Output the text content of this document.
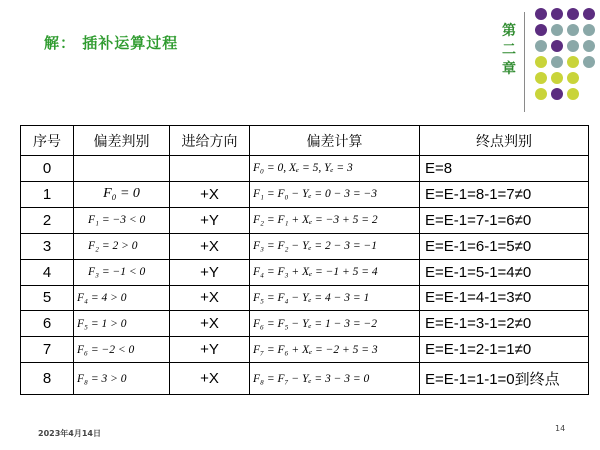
解： 插补运算过程
第
二
章
序号	偏差判别	进给方向	偏差计算	终点判别
0			F₀ = 0, Xₑ = 5, Yₑ = 3	E=8
1	F₀ = 0	+X	F₁ = F₀ − Yₑ = 0 − 3 = −3	E=E-1=8-1=7≠0
2	F₁ = −3 < 0	+Y	F₂ = F₁ + Xₑ = −3 + 5 = 2	E=E-1=7-1=6≠0
3	F₂ = 2 > 0	+X	F₃ = F₂ − Yₑ = 2 − 3 = −1	E=E-1=6-1=5≠0
4	F₃ = −1 < 0	+Y	F₄ = F₃ + Xₑ = −1 + 5 = 4	E=E-1=5-1=4≠0
5	F₄ = 4 > 0	+X	F₅ = F₄ − Yₑ = 4 − 3 = 1	E=E-1=4-1=3≠0
6	F₅ = 1 > 0	+X	F₆ = F₅ − Yₑ = 1 − 3 = −2	E=E-1=3-1=2≠0
7	F₆ = −2 < 0	+Y	F₇ = F₆ + Xₑ = −2 + 5 = 3	E=E-1=2-1=1≠0
8	F₈ = 3 > 0	+X	F₈ = F₇ − Yₑ = 3 − 3 = 0	E=E-1=1-1=0到终点
2023年4月14日
14
